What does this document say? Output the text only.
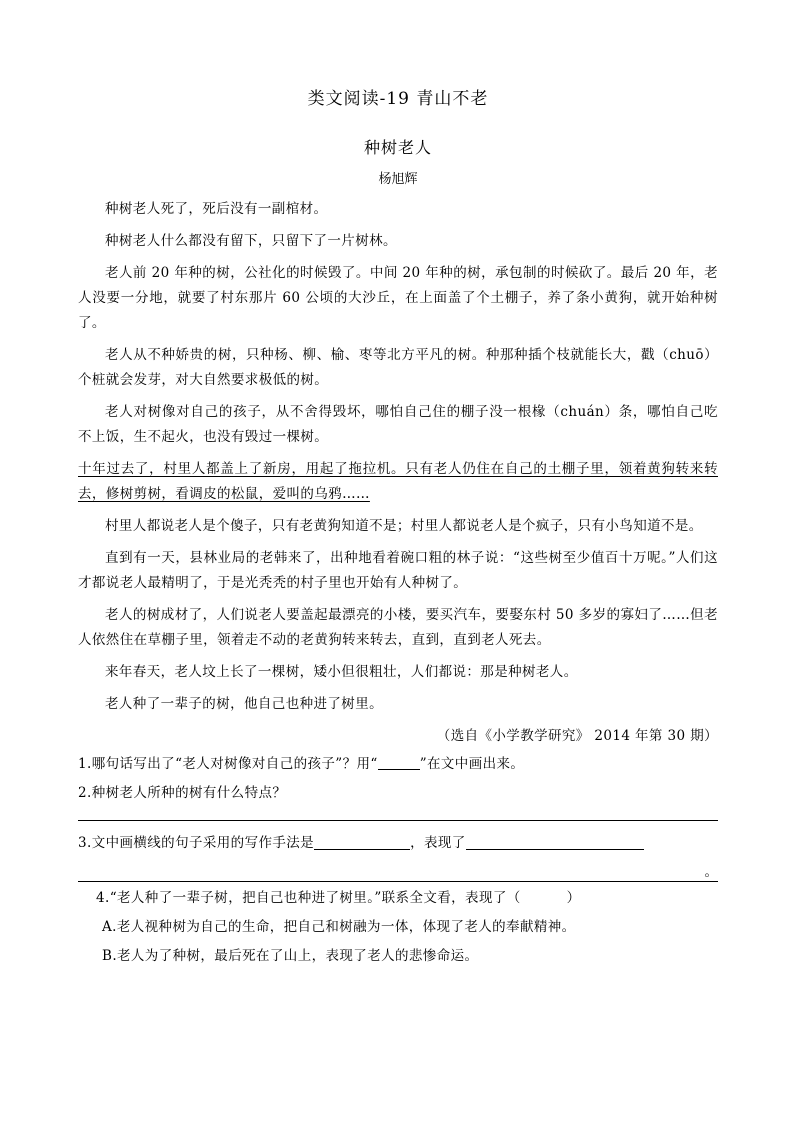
类文阅读-19 青山不老
种树老人
杨旭辉

种树老人死了，死后没有一副棺材。

种树老人什么都没有留下，只留下了一片树林。

老人前 20 年种的树，公社化的时候毁了。中间 20 年种的树，承包制的时候砍了。最后 20 年，老人没要一分地，就要了村东那片 60 公顷的大沙丘，在上面盖了个土棚子，养了条小黄狗，就开始种树了。

老人从不种娇贵的树，只种杨、柳、榆、枣等北方平凡的树。种那种插个枝就能长大，戳（chuō）个桩就会发芽，对大自然要求极低的树。

老人对树像对自己的孩子，从不舍得毁坏，哪怕自己住的棚子没一根椽（chuán）条，哪怕自己吃不上饭，生不起火，也没有毁过一棵树。

十年过去了，村里人都盖上了新房，用起了拖拉机。只有老人仍住在自己的土棚子里，领着黄狗转来转去，修树剪树，看调皮的松鼠，爱叫的乌鸦……

村里人都说老人是个傻子，只有老黄狗知道不是；村里人都说老人是个疯子，只有小鸟知道不是。

直到有一天，县林业局的老韩来了，出种地看着碗口粗的林子说：“这些树至少值百十万呢。”人们这才都说老人最精明了，于是光秃秃的村子里也开始有人种树了。

老人的树成材了，人们说老人要盖起最漂亮的小楼，要买汽车，要娶东村 50 多岁的寡妇了……但老人依然住在草棚子里，领着走不动的老黄狗转来转去，直到，直到老人死去。

来年春天，老人坟上长了一棵树，矮小但很粗壮，人们都说：那是种树老人。

老人种了一辈子的树，他自己也种进了树里。

（选自《小学教学研究》 2014 年第 30 期）
1.哪句话写出了“老人对树像对自己的孩子”？用“	”在文中画出来。
2.种树老人所种的树有什么特点？
3.文中画横线的句子采用的写作手法是	，表现了
。
4.“老人种了一辈子树，把自己也种进了树里。”联系全文看，表现了（	）
A.老人视种树为自己的生命，把自己和树融为一体，体现了老人的奉献精神。
B.老人为了种树，最后死在了山上，表现了老人的悲惨命运。
